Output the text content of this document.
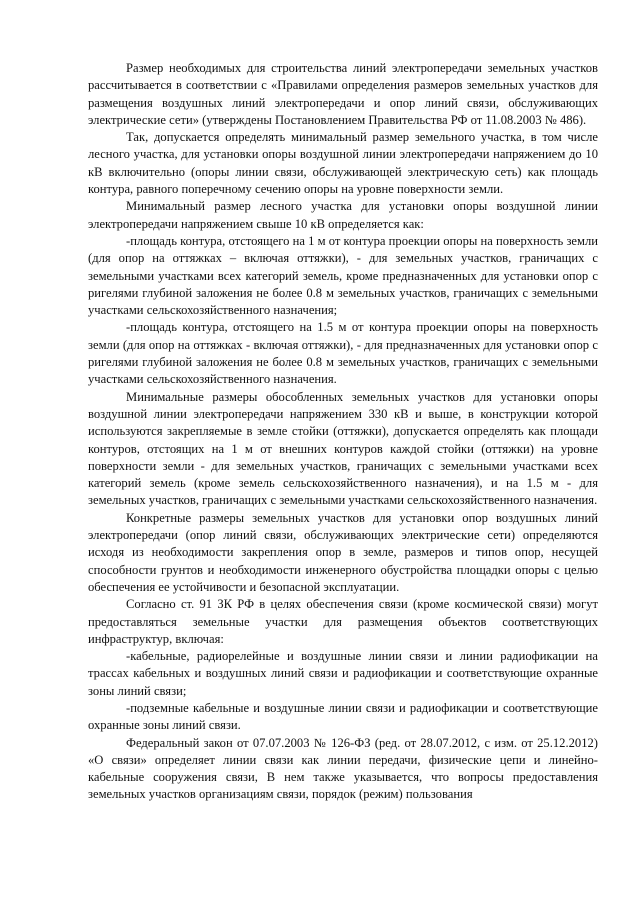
Размер необходимых для строительства линий электропередачи земельных участков рассчитывается в соответствии с «Правилами определения размеров земельных участков для размещения воздушных линий электропередачи и опор линий связи, обслуживающих электрические сети» (утверждены Постановлением Правительства РФ от 11.08.2003 № 486).

Так, допускается определять минимальный размер земельного участка, в том числе лесного участка, для установки опоры воздушной линии электропередачи напряжением до 10 кВ включительно (опоры линии связи, обслуживающей электрическую сеть) как площадь контура, равного поперечному сечению опоры на уровне поверхности земли.

Минимальный размер лесного участка для установки опоры воздушной линии электропередачи напряжением свыше 10 кВ определяется как:

-площадь контура, отстоящего на 1 м от контура проекции опоры на поверхность земли (для опор на оттяжках – включая оттяжки), - для земельных участков, граничащих с земельными участками всех категорий земель, кроме предназначенных для установки опор с ригелями глубиной заложения не более 0.8 м земельных участков, граничащих с земельными участками сельскохозяйственного назначения;

-площадь контура, отстоящего на 1.5 м от контура проекции опоры на поверхность земли (для опор на оттяжках - включая оттяжки), - для предназначенных для установки опор с ригелями глубиной заложения не более 0.8 м земельных участков, граничащих с земельными участками сельскохозяйственного назначения.

Минимальные размеры обособленных земельных участков для установки опоры воздушной линии электропередачи напряжением 330 кВ и выше, в конструкции которой используются закрепляемые в земле стойки (оттяжки), допускается определять как площади контуров, отстоящих на 1 м от внешних контуров каждой стойки (оттяжки) на уровне поверхности земли - для земельных участков, граничащих с земельными участками всех категорий земель (кроме земель сельскохозяйственного назначения), и на 1.5 м - для земельных участков, граничащих с земельными участками сельскохозяйственного назначения.

Конкретные размеры земельных участков для установки опор воздушных линий электропередачи (опор линий связи, обслуживающих электрические сети) определяются исходя из необходимости закрепления опор в земле, размеров и типов опор, несущей способности грунтов и необходимости инженерного обустройства площадки опоры с целью обеспечения ее устойчивости и безопасной эксплуатации.

Согласно ст. 91 ЗК РФ в целях обеспечения связи (кроме космической связи) могут предоставляться земельные участки для размещения объектов соответствующих инфраструктур, включая:

-кабельные, радиорелейные и воздушные линии связи и линии радиофикации на трассах кабельных и воздушных линий связи и радиофикации и соответствующие охранные зоны линий связи;

-подземные кабельные и воздушные линии связи и радиофикации и соответствующие охранные зоны линий связи.

Федеральный закон от 07.07.2003 № 126-ФЗ (ред. от 28.07.2012, с изм. от 25.12.2012) «О связи» определяет линии связи как линии передачи, физические цепи и линейно-кабельные сооружения связи, В нем также указывается, что вопросы предоставления земельных участков организациям связи, порядок (режим) пользования
